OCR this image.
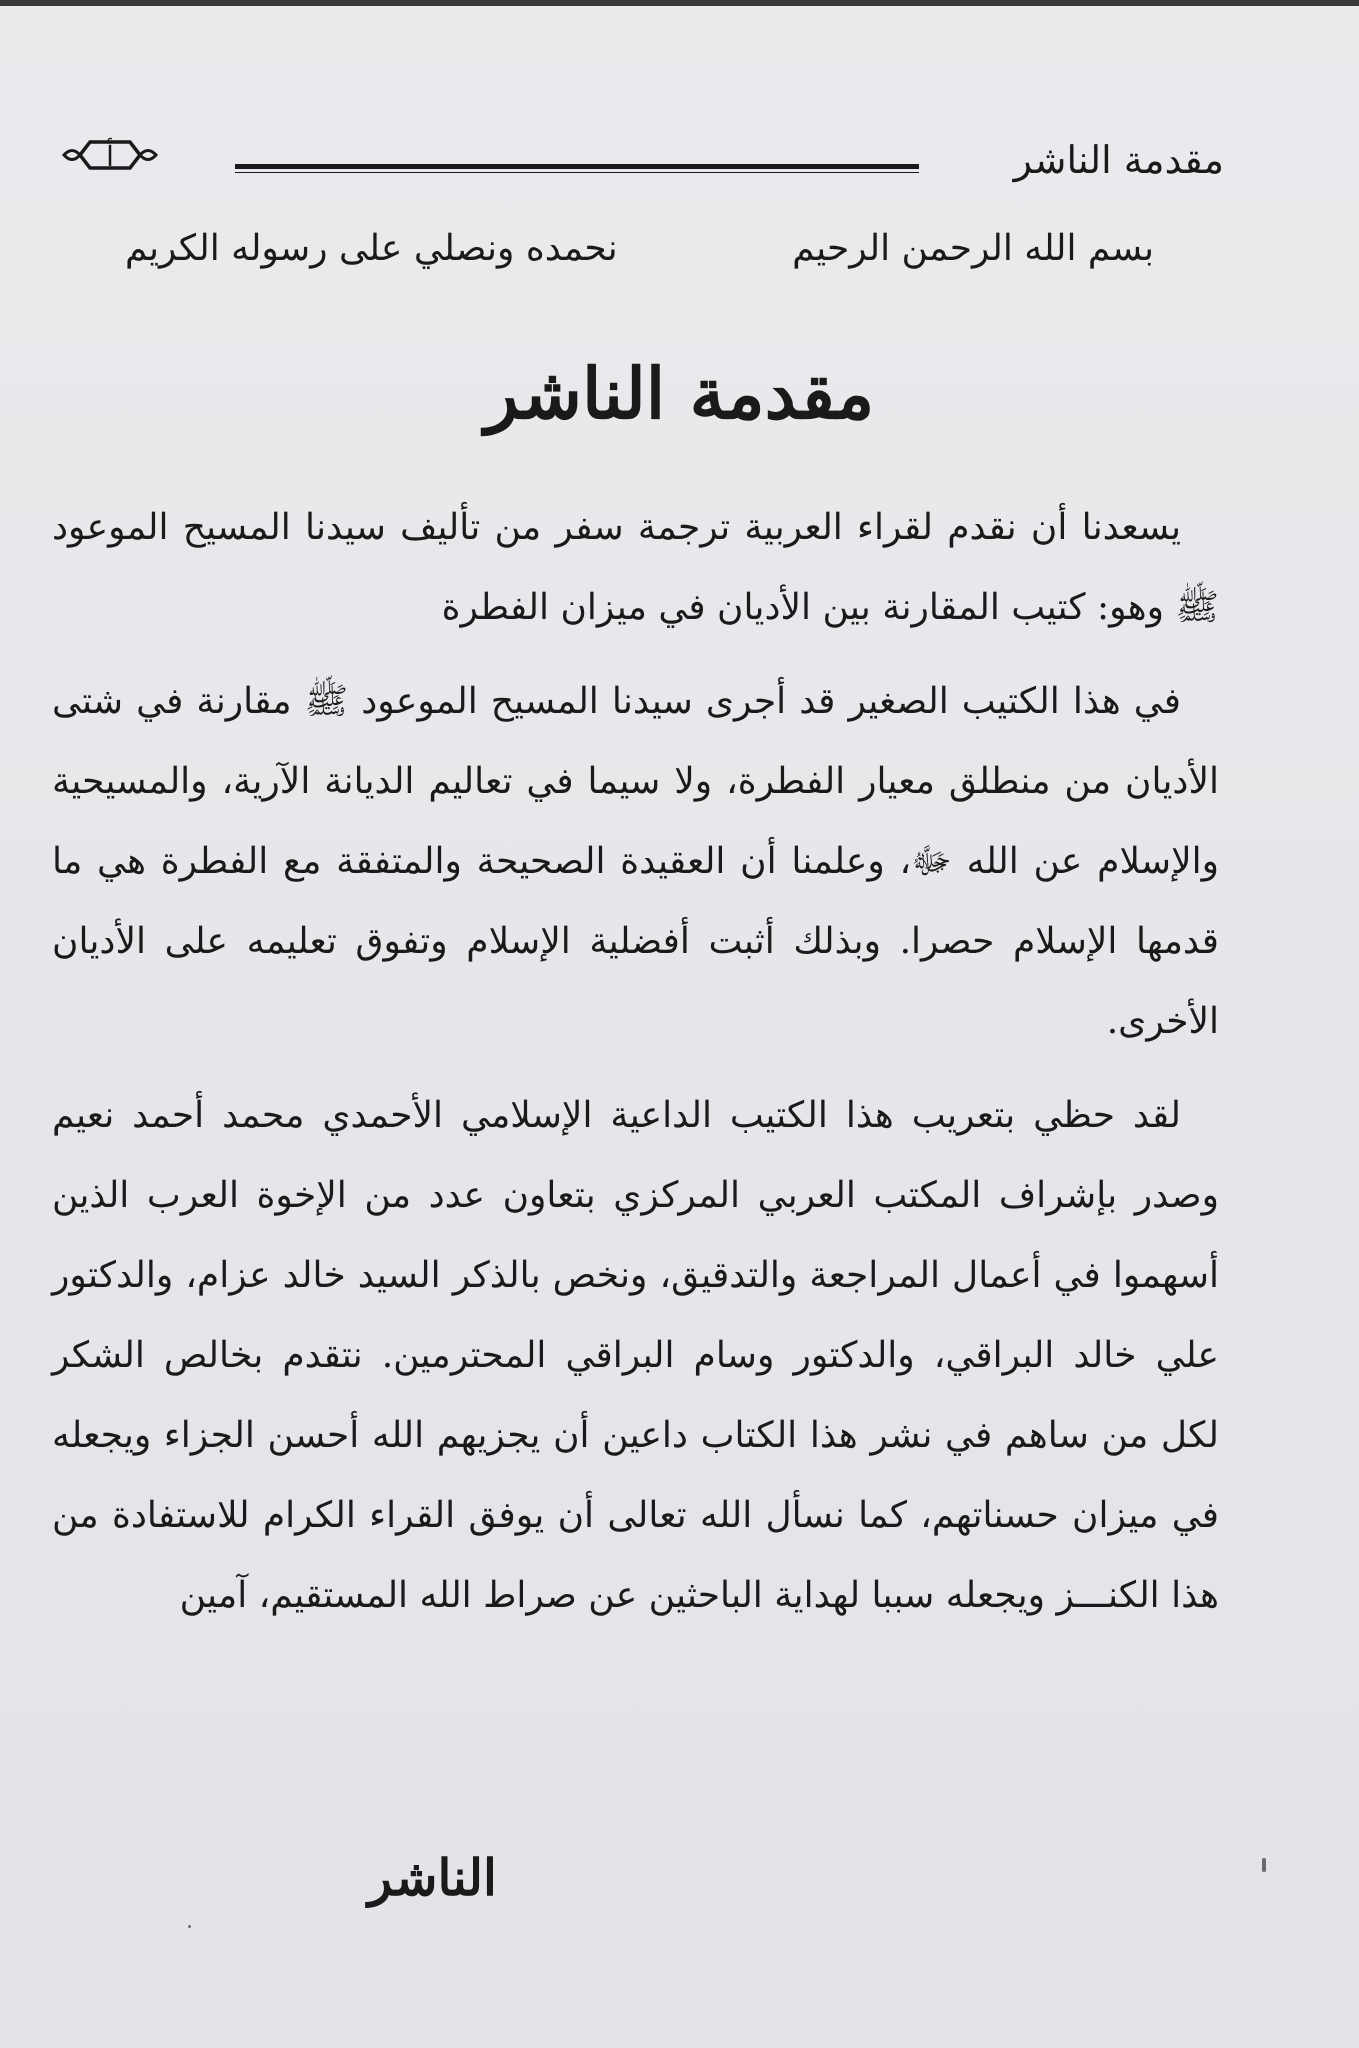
مقدمة الناشر
أ
بسم الله الرحمن الرحيم
نحمده ونصلي على رسوله الكريم
مقدمة الناشر

يسعدنا أن نقدم لقراء العربية ترجمة سفر من تأليف سيدنا المسيح الموعود ﷺ وهو: كتيب المقارنة بين الأديان في ميزان الفطرة

في هذا الكتيب الصغير قد أجرى سيدنا المسيح الموعود ﷺ مقارنة في شتى الأديان من منطلق معيار الفطرة، ولا سيما في تعاليم الديانة الآرية، والمسيحية والإسلام عن الله ﷻ، وعلمنا أن العقيدة الصحيحة والمتفقة مع الفطرة هي ما قدمها الإسلام حصرا. وبذلك أثبت أفضلية الإسلام وتفوق تعليمه على الأديان الأخرى.

لقد حظي بتعريب هذا الكتيب الداعية الإسلامي الأحمدي محمد أحمد نعيم وصدر بإشراف المكتب العربي المركزي بتعاون عدد من الإخوة العرب الذين أسهموا في أعمال المراجعة والتدقيق، ونخص بالذكر السيد خالد عزام، والدكتور علي خالد البراقي، والدكتور وسام البراقي المحترمين. نتقدم بخالص الشكر لكل من ساهم في نشر هذا الكتاب داعين أن يجزيهم الله أحسن الجزاء ويجعله في ميزان حسناتهم، كما نسأل الله تعالى أن يوفق القراء الكرام للاستفادة من هذا الكنـــز ويجعله سببا لهداية الباحثين عن صراط الله المستقيم، آمين

الناشر
